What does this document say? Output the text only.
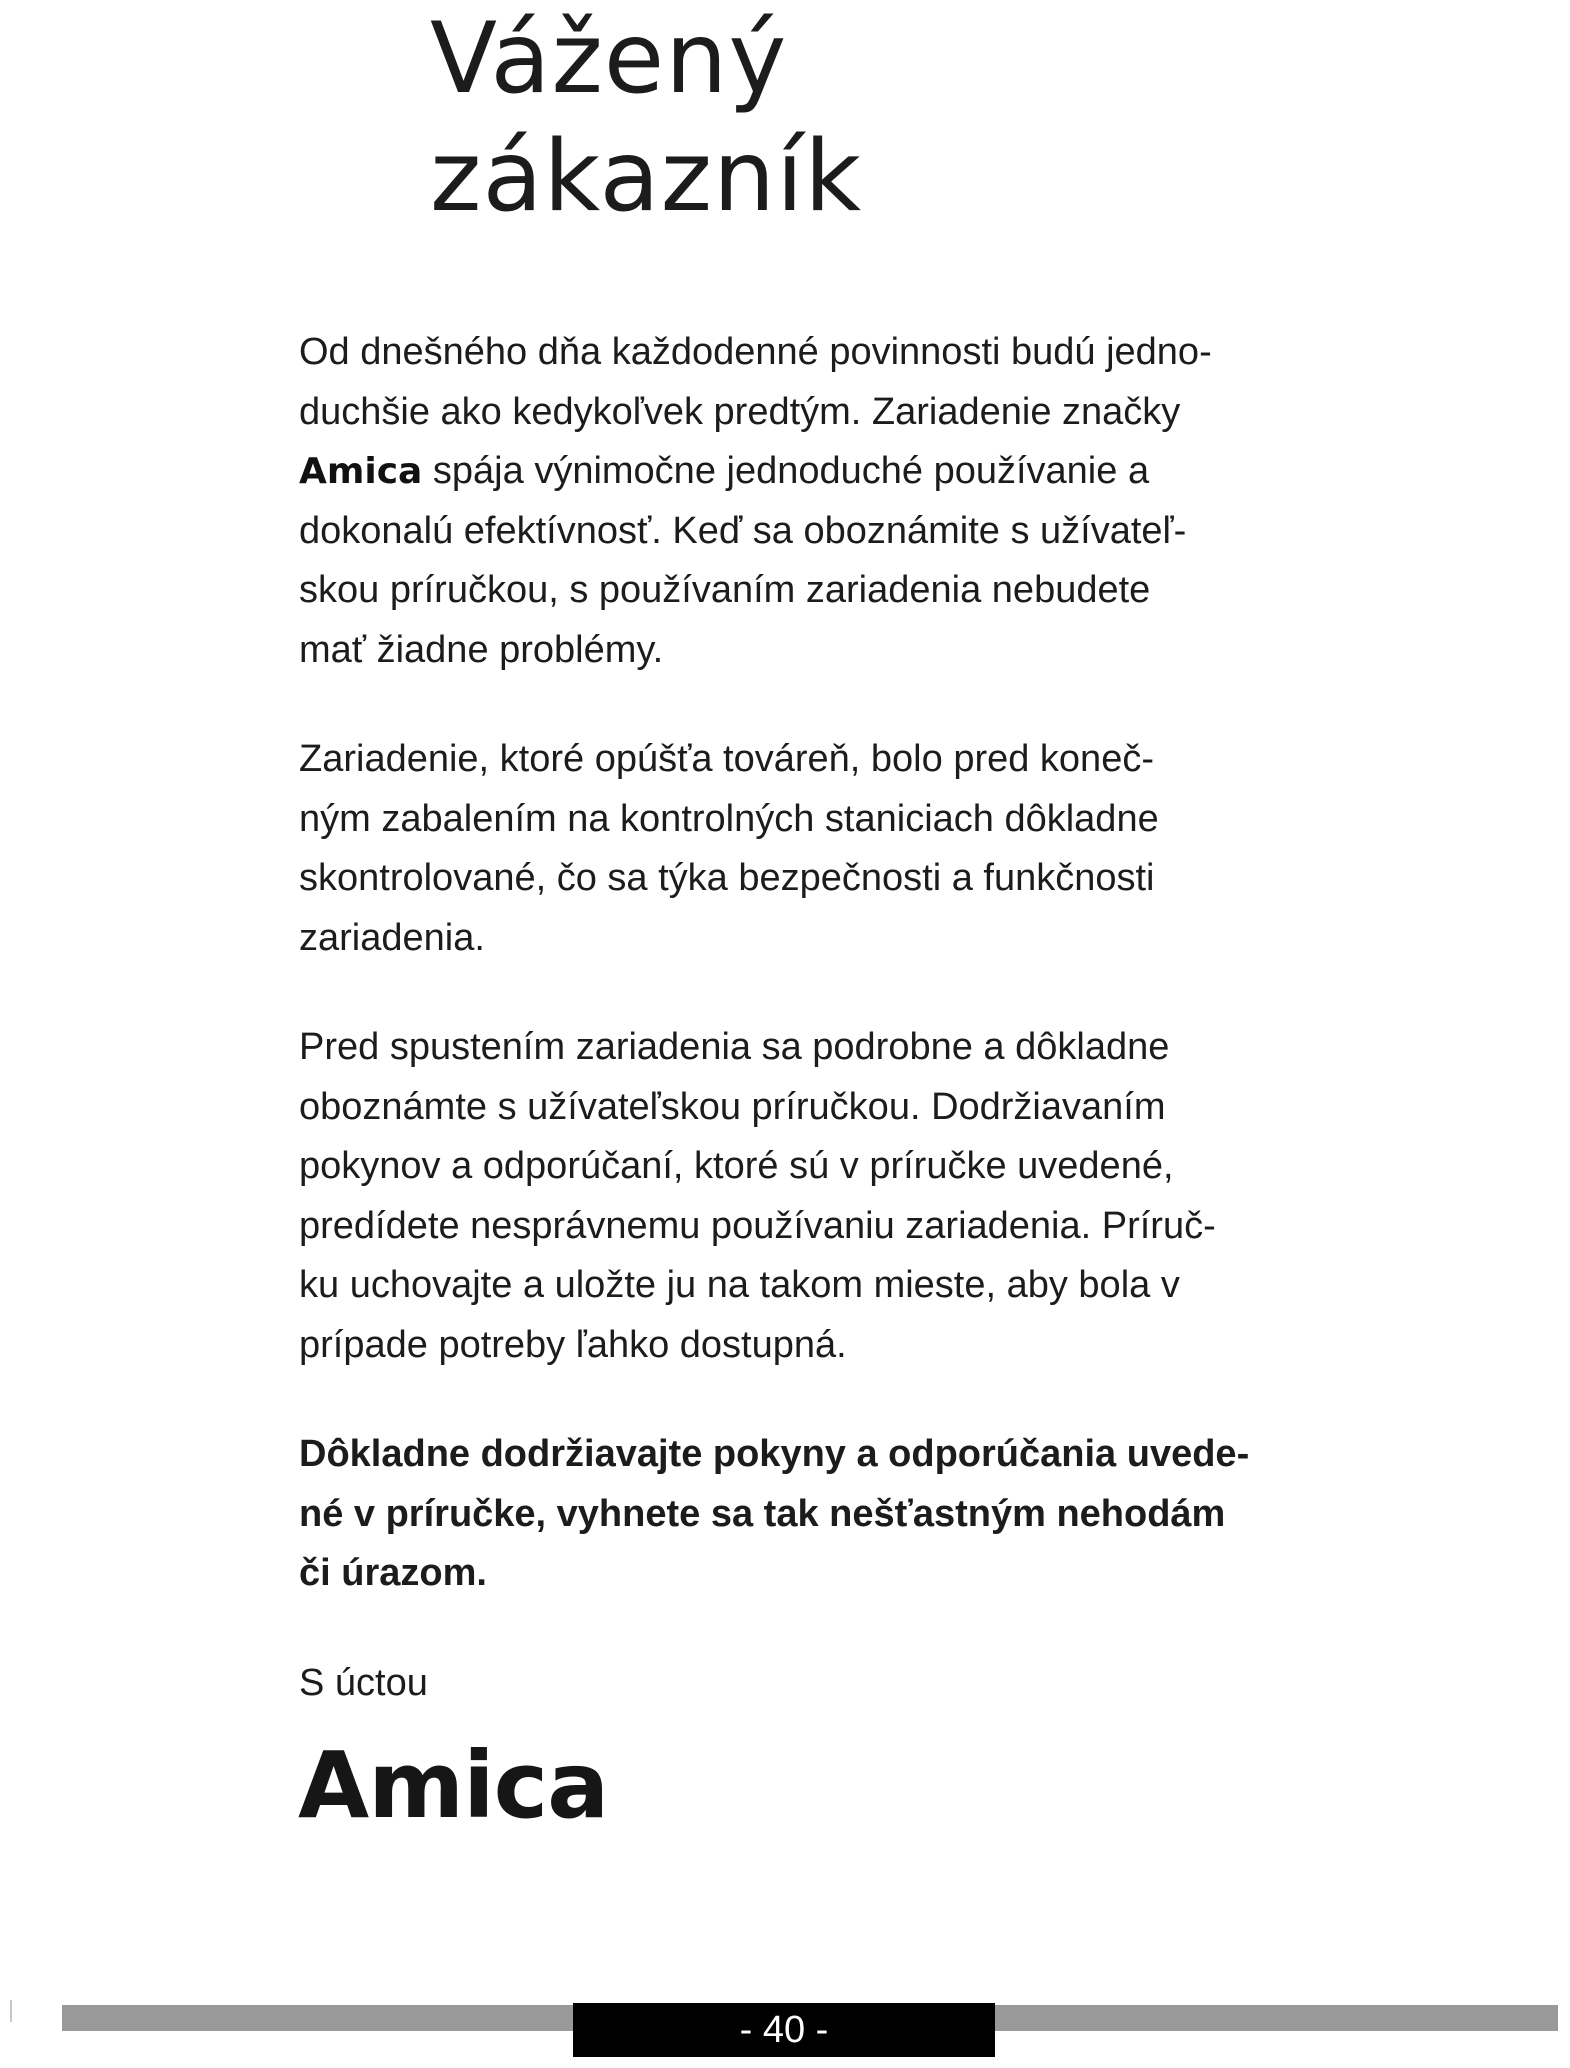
Vážený
zákazník

Od dnešného dňa každodenné povinnosti budú jedno-
duchšie ako kedykoľvek predtým. Zariadenie značky
Amica spája výnimočne jednoduché používanie a
dokonalú efektívnosť. Keď sa oboznámite s užívateľ-
skou príručkou, s používaním zariadenia nebudete
mať žiadne problémy.

Zariadenie, ktoré opúšťa továreň, bolo pred koneč-
ným zabalením na kontrolných staniciach dôkladne
skontrolované, čo sa týka bezpečnosti a funkčnosti
zariadenia.

Pred spustením zariadenia sa podrobne a dôkladne
oboznámte s užívateľskou príručkou. Dodržiavaním
pokynov a odporúčaní, ktoré sú v príručke uvedené,
predídete nesprávnemu používaniu zariadenia. Príruč-
ku uchovajte a uložte ju na takom mieste, aby bola v
prípade potreby ľahko dostupná.

Dôkladne dodržiavajte pokyny a odporúčania uvede-
né v príručke, vyhnete sa tak nešťastným nehodám
či úrazom.

S úctou

Amica
- 40 -
